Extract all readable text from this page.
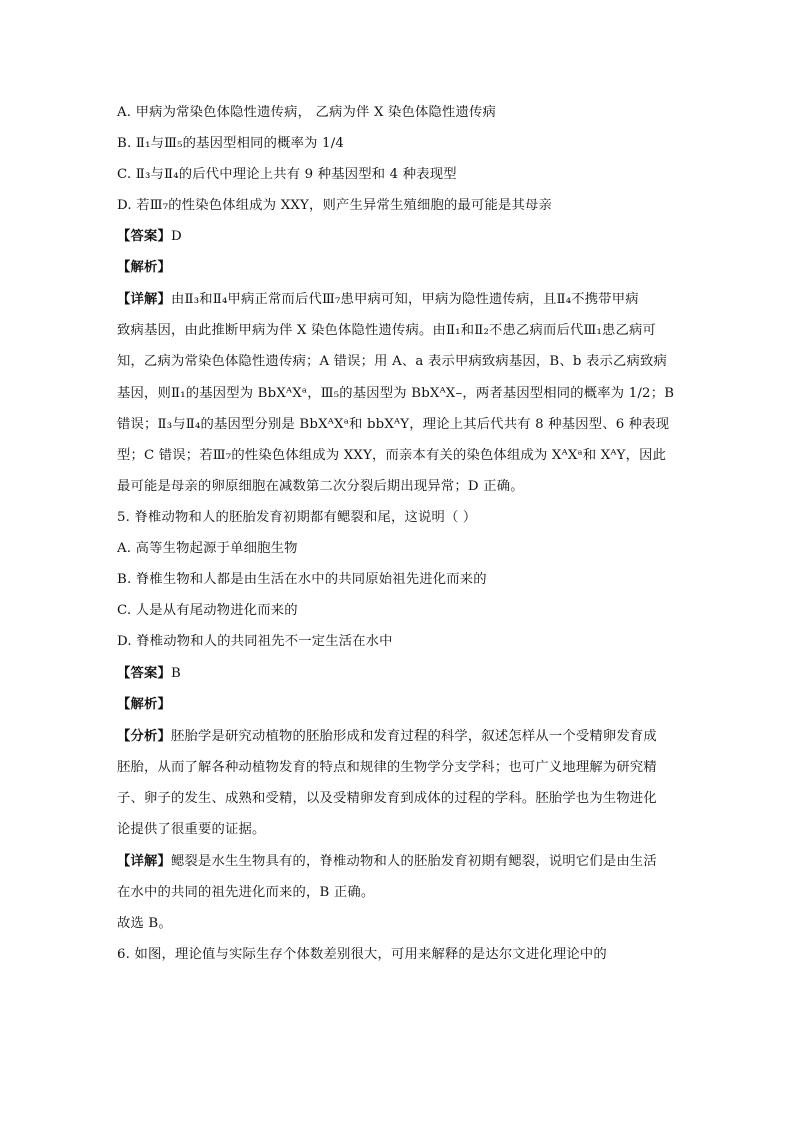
A. 甲病为常染色体隐性遗传病， 乙病为伴 X 染色体隐性遗传病
B. Ⅱ₁与Ⅲ₅的基因型相同的概率为 1/4
C. Ⅱ₃与Ⅱ₄的后代中理论上共有 9 种基因型和 4 种表现型
D. 若Ⅲ₇的性染色体组成为 XXY，则产生异常生殖细胞的最可能是其母亲
【答案】D
【解析】
【详解】由Ⅱ₃和Ⅱ₄甲病正常而后代Ⅲ₇患甲病可知，甲病为隐性遗传病，且Ⅱ₄不携带甲病
致病基因，由此推断甲病为伴 X 染色体隐性遗传病。由Ⅱ₁和Ⅱ₂不患乙病而后代Ⅲ₁患乙病可
知，乙病为常染色体隐性遗传病；A 错误；用 A、a 表示甲病致病基因，B、b 表示乙病致病
基因，则Ⅱ₁的基因型为 BbXᴬXᵃ，Ⅲ₅的基因型为 BbXᴬX–，两者基因型相同的概率为 1/2；B
错误；Ⅱ₃与Ⅱ₄的基因型分别是 BbXᴬXᵃ和 bbXᴬY，理论上其后代共有 8 种基因型、6 种表现
型；C 错误；若Ⅲ₇的性染色体组成为 XXY，而亲本有关的染色体组成为 XᴬXᵃ和 XᴬY，因此
最可能是母亲的卵原细胞在减数第二次分裂后期出现异常；D 正确。
5. 脊椎动物和人的胚胎发育初期都有鳃裂和尾，这说明（ ）
A. 高等生物起源于单细胞生物
B. 脊椎生物和人都是由生活在水中的共同原始祖先进化而来的
C. 人是从有尾动物进化而来的
D. 脊椎动物和人的共同祖先不一定生活在水中
【答案】B
【解析】
【分析】胚胎学是研究动植物的胚胎形成和发育过程的科学，叙述怎样从一个受精卵发育成
胚胎，从而了解各种动植物发育的特点和规律的生物学分支学科；也可广义地理解为研究精
子、卵子的发生、成熟和受精，以及受精卵发育到成体的过程的学科。胚胎学也为生物进化
论提供了很重要的证据。
【详解】鳃裂是水生生物具有的，脊椎动物和人的胚胎发育初期有鳃裂，说明它们是由生活
在水中的共同的祖先进化而来的，B 正确。
故选 B。
6. 如图，理论值与实际生存个体数差别很大，可用来解释的是达尔文进化理论中的
